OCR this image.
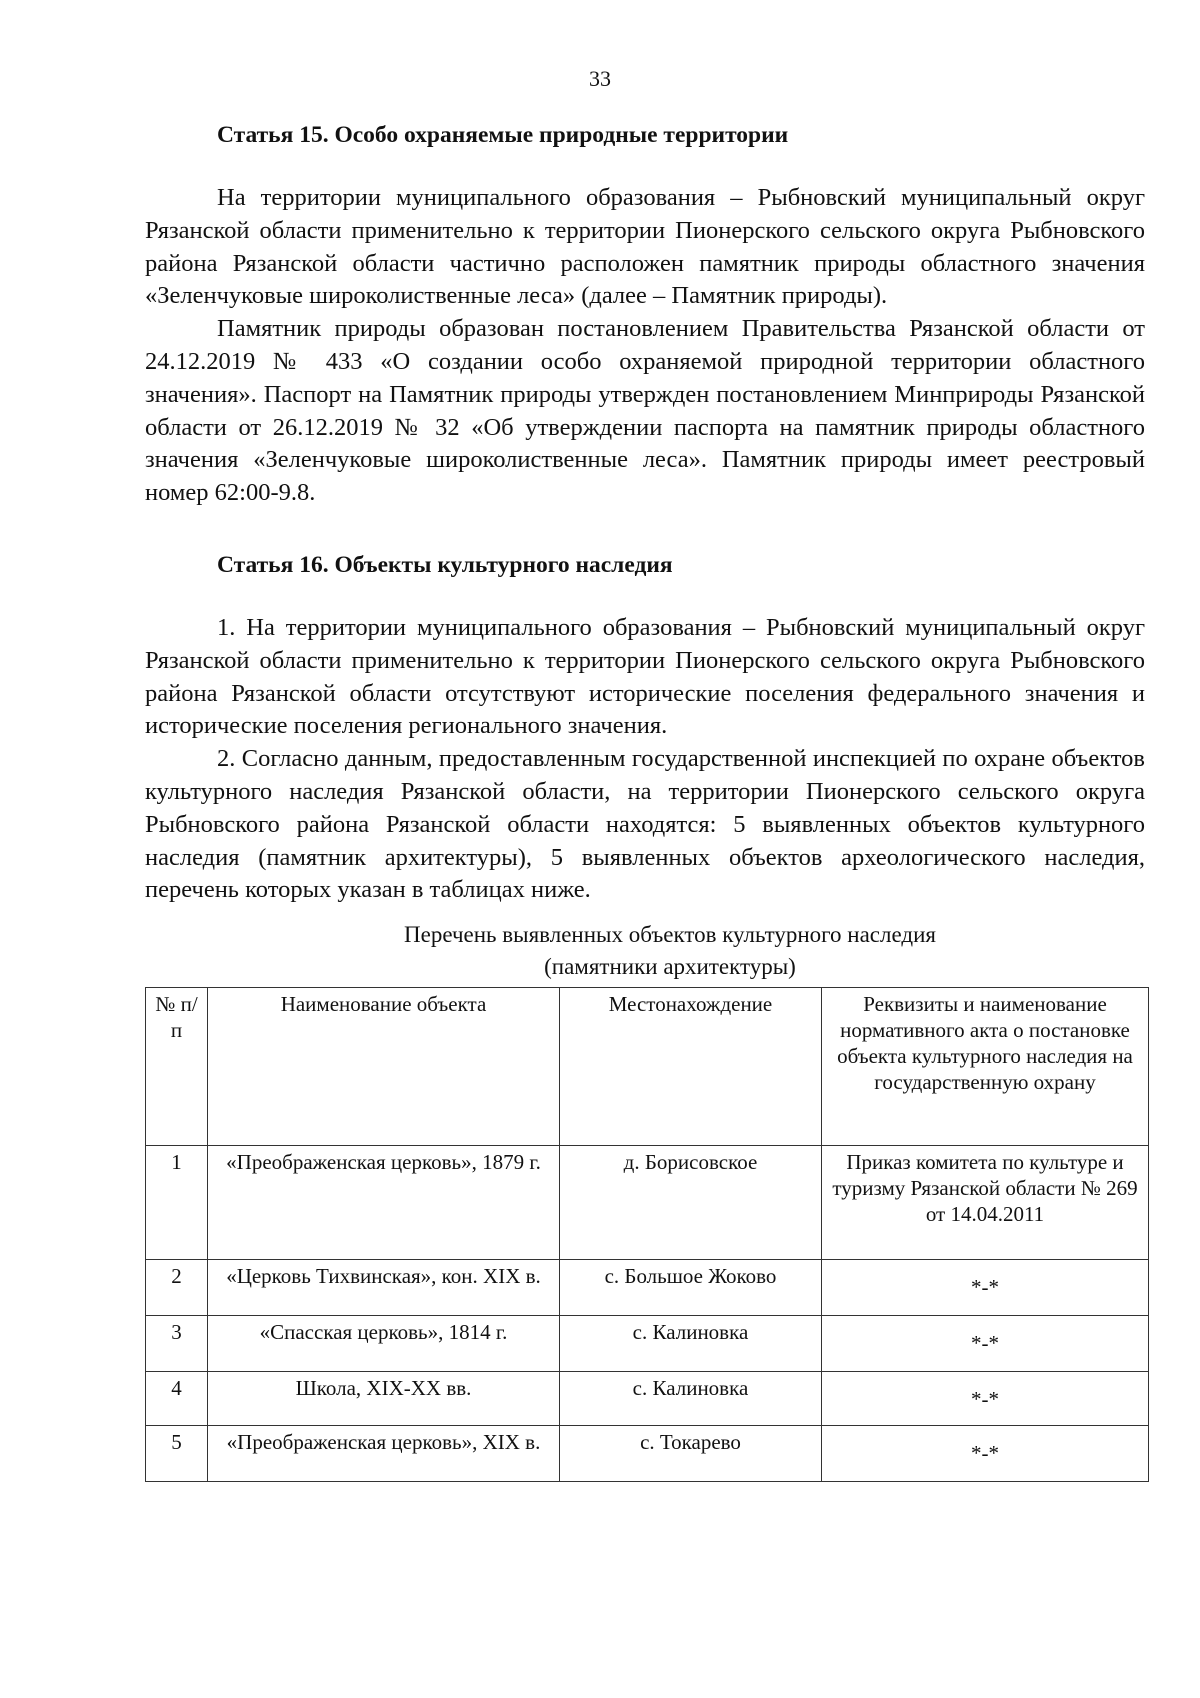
33
Статья 15. Особо охраняемые природные территории

На территории муниципального образования – Рыбновский муниципальный округ Рязанской области применительно к территории Пионерского сельского округа Рыбновского района Рязанской области частично расположен памятник природы областного значения «Зеленчуковые широколиственные леса» (далее – Памятник природы).

Памятник природы образован постановлением Правительства Рязанской области от 24.12.2019 № 433 «О создании особо охраняемой природной территории областного значения». Паспорт на Памятник природы утвержден постановлением Минприроды Рязанской области от 26.12.2019 № 32 «Об утверждении паспорта на памятник природы областного значения «Зеленчуковые широколиственные леса». Памятник природы имеет реестровый номер 62:00-9.8.

Статья 16. Объекты культурного наследия

1. На территории муниципального образования – Рыбновский муниципальный округ Рязанской области применительно к территории Пионерского сельского округа Рыбновского района Рязанской области отсутствуют исторические поселения федерального значения и исторические поселения регионального значения.

2. Согласно данным, предоставленным государственной инспекцией по охране объектов культурного наследия Рязанской области, на территории Пионерского сельского округа Рыбновского района Рязанской области находятся: 5 выявленных объектов культурного наследия (памятник архитектуры), 5 выявленных объектов археологического наследия, перечень которых указан в таблицах ниже.

Перечень выявленных объектов культурного наследия
(памятники архитектуры)
№ п/п	Наименование объекта	Местонахождение	Реквизиты и наименование нормативного акта о постановке объекта культурного наследия на государственную охрану
1	«Преображенская церковь», 1879 г.	д. Борисовское	Приказ комитета по культуре и туризму Рязанской области № 269 от 14.04.2011
2	«Церковь Тихвинская», кон. XIX в.	с. Большое Жоково	*-*

3	«Спасская церковь», 1814 г.	с. Калиновка	*-*

4	Школа, XIX-XX вв.	с. Калиновка	*-*

5	«Преображенская церковь», XIX в.	с. Токарево	*-*
